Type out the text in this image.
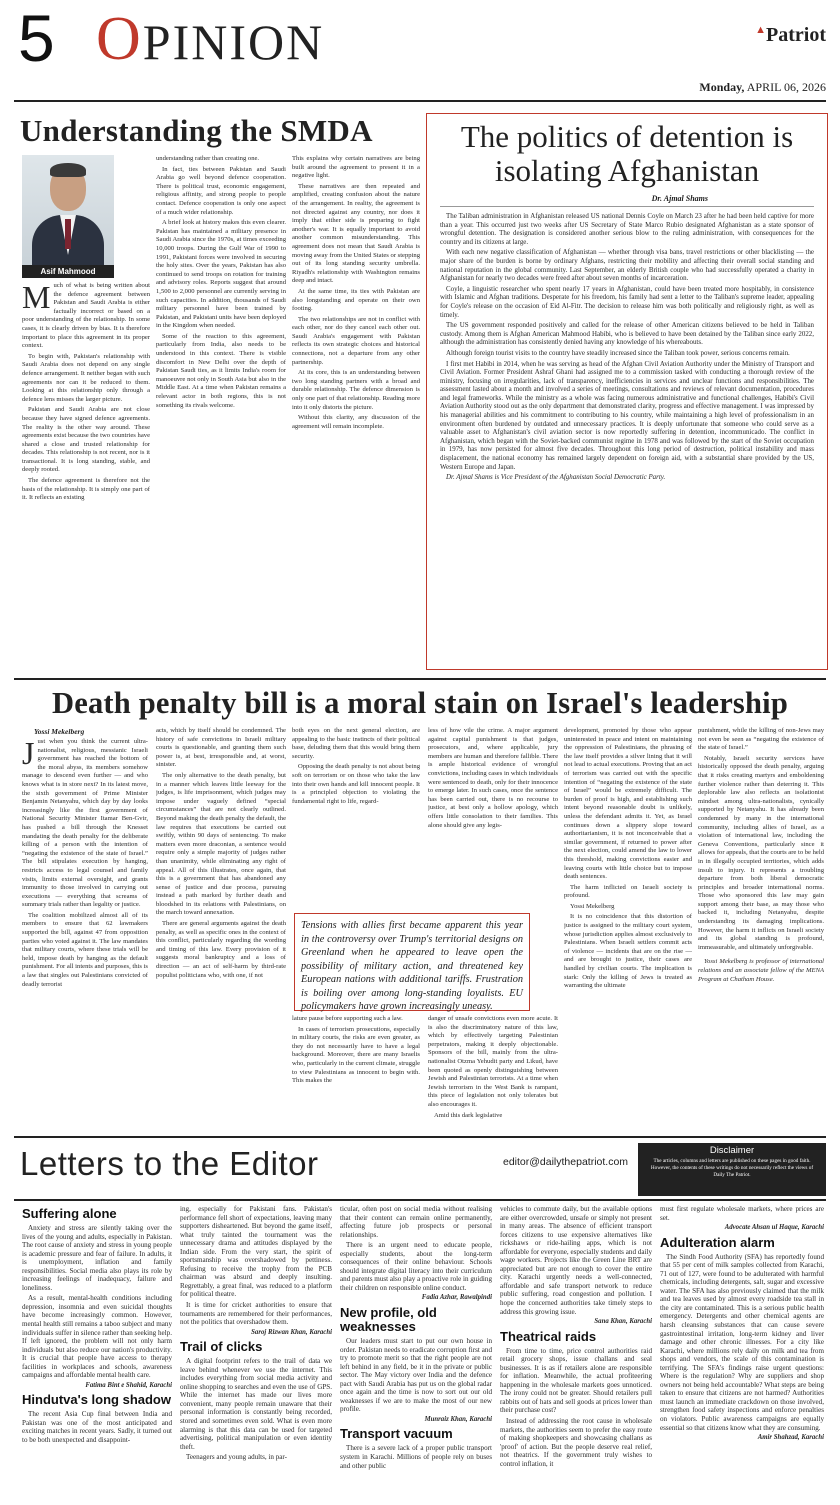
5 OPINION	▲Patriot
Monday, APRIL 06, 2026
Understanding the SMDA
Asif Mahmood

Much of what is being written about the defence agreement between Pakistan and Saudi Arabia is either factually incorrect or based on a poor understanding of the relationship. In some cases, it is clearly driven by bias. It is therefore important to place this agreement in its proper context.

To begin with, Pakistan's relationship with Saudi Arabia does not depend on any single defence arrangement. It neither began with such agreements nor can it be reduced to them. Looking at this relationship only through a defence lens misses the larger picture.

Pakistan and Saudi Arabia are not close because they have signed defence agreements. The reality is the other way around. These agreements exist because the two countries have shared a close and trusted relationship for decades. This relationship is not recent, nor is it transactional. It is long standing, stable, and deeply rooted.

The defence agreement is therefore not the basis of the relationship. It is simply one part of it. It reflects an existing

understanding rather than creating one.

In fact, ties between Pakistan and Saudi Arabia go well beyond defence cooperation. There is political trust, economic engagement, religious affinity, and strong people to people contact. Defence cooperation is only one aspect of a much wider relationship.

A brief look at history makes this even clearer. Pakistan has maintained a military presence in Saudi Arabia since the 1970s, at times exceeding 10,000 troops. During the Gulf War of 1990 to 1991, Pakistani forces were involved in securing the holy sites. Over the years, Pakistan has also continued to send troops on rotation for training and advisory roles. Reports suggest that around 1,500 to 2,000 personnel are currently serving in such capacities. In addition, thousands of Saudi military personnel have been trained by Pakistan, and Pakistani units have been deployed in the Kingdom when needed.

Some of the reaction to this agreement, particularly from India, also needs to be understood in this context. There is visible discomfort in New Delhi over the depth of Pakistan Saudi ties, as it limits India's room for manoeuvre not only in South Asia but also in the Middle East. At a time when Pakistan remains a relevant actor in both regions, this is not something its rivals welcome.

This explains why certain narratives are being built around the agreement to present it in a negative light.

These narratives are then repeated and amplified, creating confusion about the nature of the arrangement. In reality, the agreement is not directed against any country, nor does it imply that either side is preparing to fight another's war. It is equally important to avoid another common misunderstanding. This agreement does not mean that Saudi Arabia is moving away from the United States or stepping out of its long standing security umbrella. Riyadh's relationship with Washington remains deep and intact.

At the same time, its ties with Pakistan are also longstanding and operate on their own footing.

The two relationships are not in conflict with each other, nor do they cancel each other out. Saudi Arabia's engagement with Pakistan reflects its own strategic choices and historical connections, not a departure from any other partnership.

At its core, this is an understanding between two long standing partners with a broad and durable relationship. The defence dimension is only one part of that relationship. Reading more into it only distorts the picture.

Without this clarity, any discussion of the agreement will remain incomplete.

The politics of detention is isolating Afghanistan
Dr. Ajmal Shams

The Taliban administration in Afghanistan released US national Dennis Coyle on March 23 after he had been held captive for more than a year. This occurred just two weeks after US Secretary of State Marco Rubio designated Afghanistan as a state sponsor of wrongful detention. The designation is considered another serious blow to the ruling administration, with consequences for the country and its citizens at large.

With each new negative classification of Afghanistan — whether through visa bans, travel restrictions or other blacklisting — the major share of the burden is borne by ordinary Afghans, restricting their mobility and affecting their overall social standing and national reputation in the global community. Last September, an elderly British couple who had successfully operated a charity in Afghanistan for nearly two decades were freed after about seven months of incarceration.

Coyle, a linguistic researcher who spent nearly 17 years in Afghanistan, could have been treated more hospitably, in consistence with Islamic and Afghan traditions. Desperate for his freedom, his family had sent a letter to the Taliban's supreme leader, appealing for Coyle's release on the occasion of Eid Al-Fitr. The decision to release him was both politically and religiously right, as well as timely.

The US government responded positively and called for the release of other American citizens believed to be held in Taliban custody. Among them is Afghan American Mahmood Habibi, who is believed to have been detained by the Taliban since early 2022, although the administration has consistently denied having any knowledge of his whereabouts.

Although foreign tourist visits to the country have steadily increased since the Taliban took power, serious concerns remain.

I first met Habibi in 2014, when he was serving as head of the Afghan Civil Aviation Authority under the Ministry of Transport and Civil Aviation. Former President Ashraf Ghani had assigned me to a commission tasked with conducting a thorough review of the ministry, focusing on irregularities, lack of transparency, inefficiencies in services and unclear functions and responsibilities. The assessment lasted about a month and involved a series of meetings, consultations and reviews of relevant documentation, procedures and legal frameworks. While the ministry as a whole was facing numerous administrative and functional challenges, Habibi's Civil Aviation Authority stood out as the only department that demonstrated clarity, progress and effective management. I was impressed by his managerial abilities and his commitment to contributing to his country, while maintaining a high level of professionalism in an environment often burdened by outdated and unnecessary practices. It is deeply unfortunate that someone who could serve as a valuable asset to Afghanistan's civil aviation sector is now reportedly suffering in detention, incommunicado. The conflict in Afghanistan, which began with the Soviet-backed communist regime in 1978 and was followed by the start of the Soviet occupation in 1979, has now persisted for almost five decades. Throughout this long period of destruction, political instability and mass displacement, the national economy has remained largely dependent on foreign aid, with a substantial share provided by the US, Western Europe and Japan.

Dr. Ajmal Shams is Vice President of the Afghanistan Social Democratic Party.

Death penalty bill is a moral stain on Israel's leadership
Yossi Mekelberg

Just when you think the current ultra-nationalist, religious, messianic Israeli government has reached the bottom of the moral abyss, its members somehow manage to descend even further — and who knows what is in store next? In its latest move, the sixth government of Prime Minister Benjamin Netanyahu, which day by day looks increasingly like the first government of National Security Minister Itamar Ben-Gvir, has pushed a bill through the Knesset mandating the death penalty for the deliberate killing of a person with the intention of “negating the existence of the state of Israel.” The bill stipulates execution by hanging, restricts access to legal counsel and family visits, limits external oversight, and grants immunity to those involved in carrying out executions — everything that screams of summary trials rather than legality or justice.

The coalition mobilized almost all of its members to ensure that 62 lawmakers supported the bill, against 47 from opposition parties who voted against it. The law mandates that military courts, where these trials will be held, impose death by hanging as the default punishment. For all intents and purposes, this is a law that singles out Palestinians convicted of deadly terrorist

acts, which by itself should be condemned. The history of safe convictions in Israeli military courts is questionable, and granting them such power is, at best, irresponsible and, at worst, sinister.

The only alternative to the death penalty, but in a manner which leaves little leeway for the judges, is life imprisonment, which judges may impose under vaguely defined “special circumstances” that are not clearly outlined. Beyond making the death penalty the default, the law requires that executions be carried out swiftly, within 90 days of sentencing. To make matters even more draconian, a sentence would require only a simple majority of judges rather than unanimity, while eliminating any right of appeal. All of this illustrates, once again, that this is a government that has abandoned any sense of justice and due process, pursuing instead a path marked by further death and bloodshed in its relations with Palestinians, on the march toward annexation.

There are general arguments against the death penalty, as well as specific ones in the context of this conflict, particularly regarding the wording and timing of this law. Every provision of it suggests moral bankruptcy and a loss of direction — an act of self-harm by third-rate populist politicians who, with one, if not

both eyes on the next general election, are appealing to the basic instincts of their political base, deluding them that this would bring them security.

Opposing the death penalty is not about being soft on terrorism or on those who take the law into their own hands and kill innocent people. It is a principled objection to violating the fundamental right to life, regard-

less of how vile the crime. A major argument against capital punishment is that judges, prosecutors, and, where applicable, jury members are human and therefore fallible. There is ample historical evidence of wrongful convictions, including cases in which individuals were sentenced to death, only for their innocence to emerge later. In such cases, once the sentence has been carried out, there is no recourse to justice, at best only a hollow apology, which offers little consolation to their families. This alone should give any legis-

Tensions with allies first became apparent this year in the controversy over Trump's territorial designs on Greenland when he appeared to leave open the possibility of military action, and threatened key European nations with additional tariffs. Frustration is boiling over among long-standing loyalists. EU policymakers have grown increasingly uneasy.

lature pause before supporting such a law.

In cases of terrorism prosecutions, especially in military courts, the risks are even greater, as they do not necessarily have to have a legal background. Moreover, there are many Israelis who, particularly in the current climate, struggle to view Palestinians as innocent to begin with. This makes the

danger of unsafe convictions even more acute. It is also the discriminatory nature of this law, which by effectively targeting Palestinian perpetrators, making it deeply objectionable. Sponsors of the bill, mainly from the ultra-nationalist Otzma Yehudit party and Likud, have been quoted as openly distinguishing between Jewish and Palestinian terrorists. At a time when Jewish terrorism in the West Bank is rampant, this piece of legislation not only tolerates but also encourages it.

Amid this dark legislative

development, promoted by those who appear uninterested in peace and intent on maintaining the oppression of Palestinians, the phrasing of the law itself provides a silver lining that it will not lead to actual executions. Proving that an act of terrorism was carried out with the specific intention of “negating the existence of the state of Israel” would be extremely difficult. The burden of proof is high, and establishing such intent beyond reasonable doubt is unlikely, unless the defendant admits it. Yet, as Israel continues down a slippery slope toward authoritarianism, it is not inconceivable that a similar government, if returned to power after the next election, could amend the law to lower this threshold, making convictions easier and leaving courts with little choice but to impose death sentences.

The harm inflicted on Israeli society is profound.

Yossi Mekelberg

It is no coincidence that this distortion of justice is assigned to the military court system, whose jurisdiction applies almost exclusively to Palestinians. When Israeli settlers commit acts of violence — incidents that are on the rise — and are brought to justice, their cases are handled by civilian courts. The implication is stark: Only the killing of Jews is treated as warranting the ultimate

punishment, while the killing of non-Jews may not even be seen as “negating the existence of the state of Israel.”

Notably, Israeli security services have historically opposed the death penalty, arguing that it risks creating martyrs and emboldening further violence rather than deterring it. This deplorable law also reflects an isolationist mindset among ultra-nationalists, cynically supported by Netanyahu. It has already been condemned by many in the international community, including allies of Israel, as a violation of international law, including the Geneva Conventions, particularly since it allows for appeals, that the courts are to be held in in illegally occupied territories, which adds insult to injury. It represents a troubling departure from both liberal democratic principles and broader international norms. Those who sponsored this law may gain support among their base, as may those who backed it, including Netanyahu, despite understanding its damaging implications. However, the harm it inflicts on Israeli society and its global standing is profound, immeasurable, and ultimately unforgivable.

Yossi Mekelberg is professor of international relations and an associate fellow of the MENA Program at Chatham House.

Letters to the Editor	editor@dailythepatriot.com
Disclaimer
The articles, columns and letters are published on these pages in good faith. However, the contents of these writings do not necessarily reflect the views of Daily The Patriot.
Suffering alone

Anxiety and stress are silently taking over the lives of the young and adults, especially in Pakistan. The root cause of anxiety and stress in young people is academic pressure and fear of failure. In adults, it is unemployment, inflation and family responsibilities. Social media also plays its role by increasing feelings of inadequacy, failure and loneliness.

As a result, mental-health conditions including depression, insomnia and even suicidal thoughts have become increasingly common. However, mental health still remains a taboo subject and many individuals suffer in silence rather than seeking help. If left ignored, the problem will not only harm individuals but also reduce our nation's productivity. It is crucial that people have access to therapy facilities in workplaces and schools, awareness campaigns and affordable mental health care.

Fatima Bint e Shahid, Karachi
Hindutva's long shadow

The recent Asia Cup final between India and Pakistan was one of the most anticipated and exciting matches in recent years. Sadly, it turned out to be both unexpected and disappoint-

ing, especially for Pakistani fans. Pakistan's performance fell short of expectations, leaving many supporters disheartened. But beyond the game itself, what truly tainted the tournament was the unnecessary drama and attitudes displayed by the Indian side. From the very start, the spirit of sportsmanship was overshadowed by pettiness. Refusing to receive the trophy from the PCB chairman was absurd and deeply insulting. Regrettably, a great final, was reduced to a platform for political theatre.

It is time for cricket authorities to ensure that tournaments are remembered for their performances, not the politics that overshadow them.

Saroj Rizwan Khan, Karachi
Trail of clicks

A digital footprint refers to the trail of data we leave behind whenever we use the internet. This includes everything from social media activity and online shopping to searches and even the use of GPS. While the internet has made our lives more convenient, many people remain unaware that their personal information is constantly being recorded, stored and sometimes even sold. What is even more alarming is that this data can be used for targeted advertising, political manipulation or even identity theft.

Teenagers and young adults, in par-

ticular, often post on social media without realising that their content can remain online permanently, affecting future job prospects or personal relationships.

There is an urgent need to educate people, especially students, about the long-term consequences of their online behaviour. Schools should integrate digital literacy into their curriculum and parents must also play a proactive role in guiding their children on responsible online conduct.

Fadia Azhar, Rawalpindi
New profile, old weaknesses

Our leaders must start to put our own house in order. Pakistan needs to eradicate corruption first and try to promote merit so that the right people are not left behind in any field, be it in the private or public sector. The May victory over India and the defence pact with Saudi Arabia has put us on the global radar once again and the time is now to sort out our old weaknesses if we are to make the most of our new profile.

Munraiz Khan, Karachi
Transport vacuum

There is a severe lack of a proper public transport system in Karachi. Millions of people rely on buses and other public

vehicles to commute daily, but the available options are either overcrowded, unsafe or simply not present in many areas. The absence of efficient transport forces citizens to use expensive alternatives like rickshaws or ride-hailing apps, which is not affordable for everyone, especially students and daily wage workers. Projects like the Green Line BRT are appreciated but are not enough to cover the entire city. Karachi urgently needs a well-connected, affordable and safe transport network to reduce public suffering, road congestion and pollution. I hope the concerned authorities take timely steps to address this growing issue.

Sana Khan, Karachi
Theatrical raids

From time to time, price control authorities raid retail grocery shops, issue challans and seal businesses. It is as if retailers alone are responsible for inflation. Meanwhile, the actual profiteering happening in the wholesale markets goes unnoticed. The irony could not be greater. Should retailers pull rabbits out of hats and sell goods at prices lower than their purchase cost?

Instead of addressing the root cause in wholesale markets, the authorities seem to prefer the easy route of making shopkeepers and showcasing challans as 'proof' of action. But the people deserve real relief, not theatrics. If the government truly wishes to control inflation, it

must first regulate wholesale markets, where prices are set.

Advocate Ahsan ul Haque, Karachi
Adulteration alarm

The Sindh Food Authority (SFA) has reportedly found that 55 per cent of milk samples collected from Karachi, 71 out of 127, were found to be adulterated with harmful chemicals, including detergents, salt, sugar and excessive water. The SFA has also previously claimed that the milk and tea leaves used by almost every roadside tea stall in the city are contaminated. This is a serious public health emergency. Detergents and other chemical agents are harsh cleansing substances that can cause severe gastrointestinal irritation, long-term kidney and liver damage and other chronic illnesses. For a city like Karachi, where millions rely daily on milk and tea from shops and vendors, the scale of this contamination is terrifying. The SFA's findings raise urgent questions: Where is the regulation? Why are suppliers and shop owners not being held accountable? What steps are being taken to ensure that citizens are not harmed? Authorities must launch an immediate crackdown on those involved, strengthen food safety inspections and enforce penalties on violators. Public awareness campaigns are equally essential so that citizens know what they are consuming.

Amir Shahzad, Karachi
